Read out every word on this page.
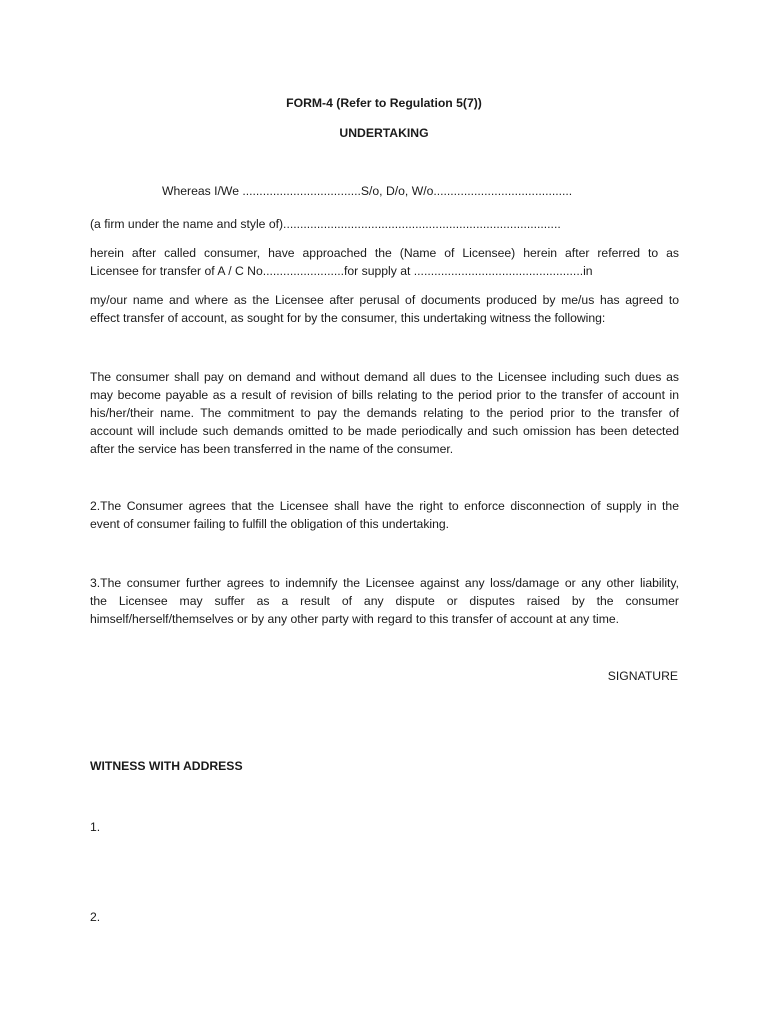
FORM-4 (Refer to Regulation 5(7))
UNDERTAKING
Whereas I/We ...................................S/o, D/o, W/o.........................................
(a firm under the name and style of)..................................................................................
herein after called consumer, have approached the (Name of Licensee) herein after referred to as
Licensee for transfer of A / C No........................for supply at ..................................................in
my/our name and where as the Licensee after perusal of documents produced by me/us has agreed to
effect transfer of account, as sought for by the consumer, this undertaking witness the following:
The consumer shall pay on demand and without demand all dues to the Licensee including such dues as
may become payable as a result of revision of bills relating to the period prior to the transfer of account in
his/her/their name. The commitment to pay the demands relating to the period prior to the transfer of
account will include such demands omitted to be made periodically and such omission has been detected
after the service has been transferred in the name of the consumer.
2.The Consumer agrees that the Licensee shall have the right to enforce disconnection of supply in the
event of consumer failing to fulfill the obligation of this undertaking.
3.The consumer further agrees to indemnify the Licensee against any loss/damage or any other liability,
the Licensee may suffer as a result of any dispute or disputes raised by the consumer
himself/herself/themselves or by any other party with regard to this transfer of account at any time.
SIGNATURE
WITNESS WITH ADDRESS
1.
2.
